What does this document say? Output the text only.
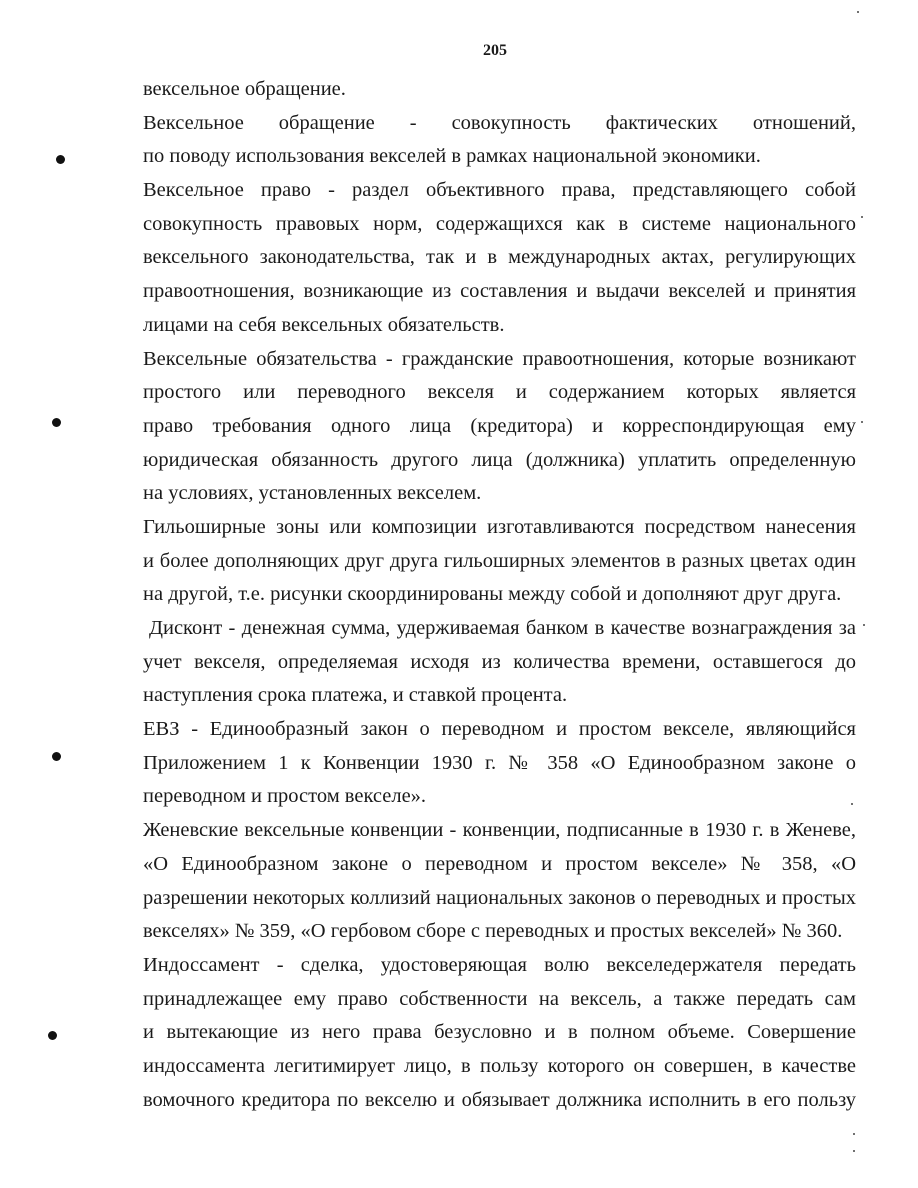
205
вексельное обращение.
Вексельное обращение - совокупность фактических отношений,
по поводу использования векселей в рамках национальной экономики.
Вексельное право - раздел объективного права, представляющего собой
совокупность правовых норм, содержащихся как в системе национального
вексельного законодательства, так и в международных актах, регулирующих
правоотношения, возникающие из составления и выдачи векселей и принятия
лицами на себя вексельных обязательств.
Вексельные обязательства - гражданские правоотношения, которые возникают
простого или переводного векселя и содержанием которых является
право требования одного лица (кредитора) и корреспондирующая ему
юридическая обязанность другого лица (должника) уплатить определенную
на условиях, установленных векселем.
Гильоширные зоны или композиции изготавливаются посредством нанесения
и более дополняющих друг друга гильоширных элементов в разных цветах один
на другой, т.е. рисунки скоординированы между собой и дополняют друг друга.
Дисконт - денежная сумма, удерживаемая банком в качестве вознаграждения за
учет векселя, определяемая исходя из количества времени, оставшегося до
наступления срока платежа, и ставкой процента.
ЕВЗ - Единообразный закон о переводном и простом векселе, являющийся
Приложением 1 к Конвенции 1930 г. № 358 «О Единообразном законе о
переводном и простом векселе».
Женевские вексельные конвенции - конвенции, подписанные в 1930 г. в Женеве,
«О Единообразном законе о переводном и простом векселе» № 358, «О
разрешении некоторых коллизий национальных законов о переводных и простых
векселях» № 359, «О гербовом сборе с переводных и простых векселей» № 360.
Индоссамент - сделка, удостоверяющая волю векселедержателя передать
принадлежащее ему право собственности на вексель, а также передать сам
и вытекающие из него права безусловно и в полном объеме. Совершение
индоссамента легитимирует лицо, в пользу которого он совершен, в качестве
вомочного кредитора по векселю и обязывает должника исполнить в его пользу
